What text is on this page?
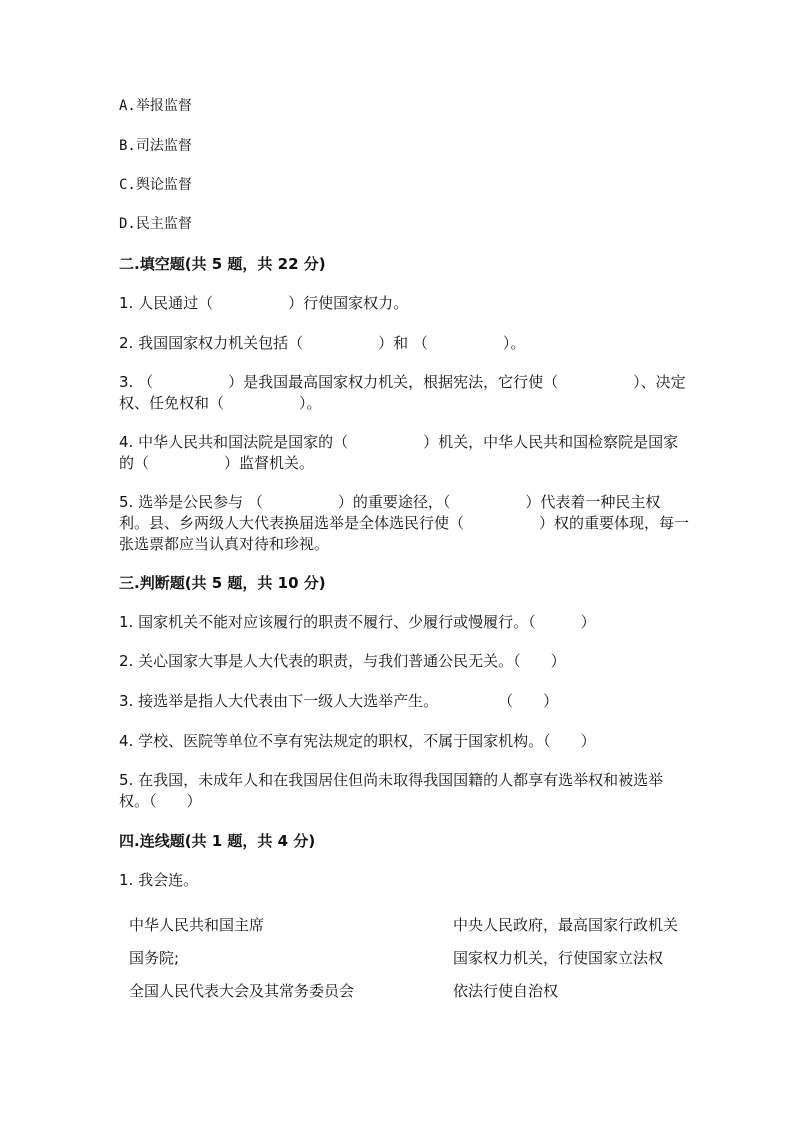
A.举报监督
B.司法监督
C.舆论监督
D.民主监督
二.填空题(共 5 题，共 22 分)
1. 人民通过（　　　　　）行使国家权力。
2. 我国国家权力机关包括（　　　　　）和 （　　　　　）。
3. （　　　　　）是我国最高国家权力机关，根据宪法，它行使（　　　　　）、决定权、任免权和（　　　　　）。
4. 中华人民共和国法院是国家的（　　　　　）机关，中华人民共和国检察院是国家的（　　　　　）监督机关。
5. 选举是公民参与 （　　　　　）的重要途径，（　　　　　）代表着一种民主权利。县、乡两级人大代表换届选举是全体选民行使（　　　　　）权的重要体现，每一张选票都应当认真对待和珍视。
三.判断题(共 5 题，共 10 分)
1. 国家机关不能对应该履行的职责不履行、少履行或慢履行。（　　　）
2. 关心国家大事是人大代表的职责，与我们普通公民无关。（　　）
3. 接选举是指人大代表由下一级人大选举产生。　　　　　（　　）
4. 学校、医院等单位不享有宪法规定的职权，不属于国家机构。（　　）
5. 在我国，未成年人和在我国居住但尚未取得我国国籍的人都享有选举权和被选举权。（　　）
四.连线题(共 1 题，共 4 分)
1. 我会连。
中华人民共和国主席
国务院;
全国人民代表大会及其常务委员会
中央人民政府，最高国家行政机关
国家权力机关，行使国家立法权
依法行使自治权
